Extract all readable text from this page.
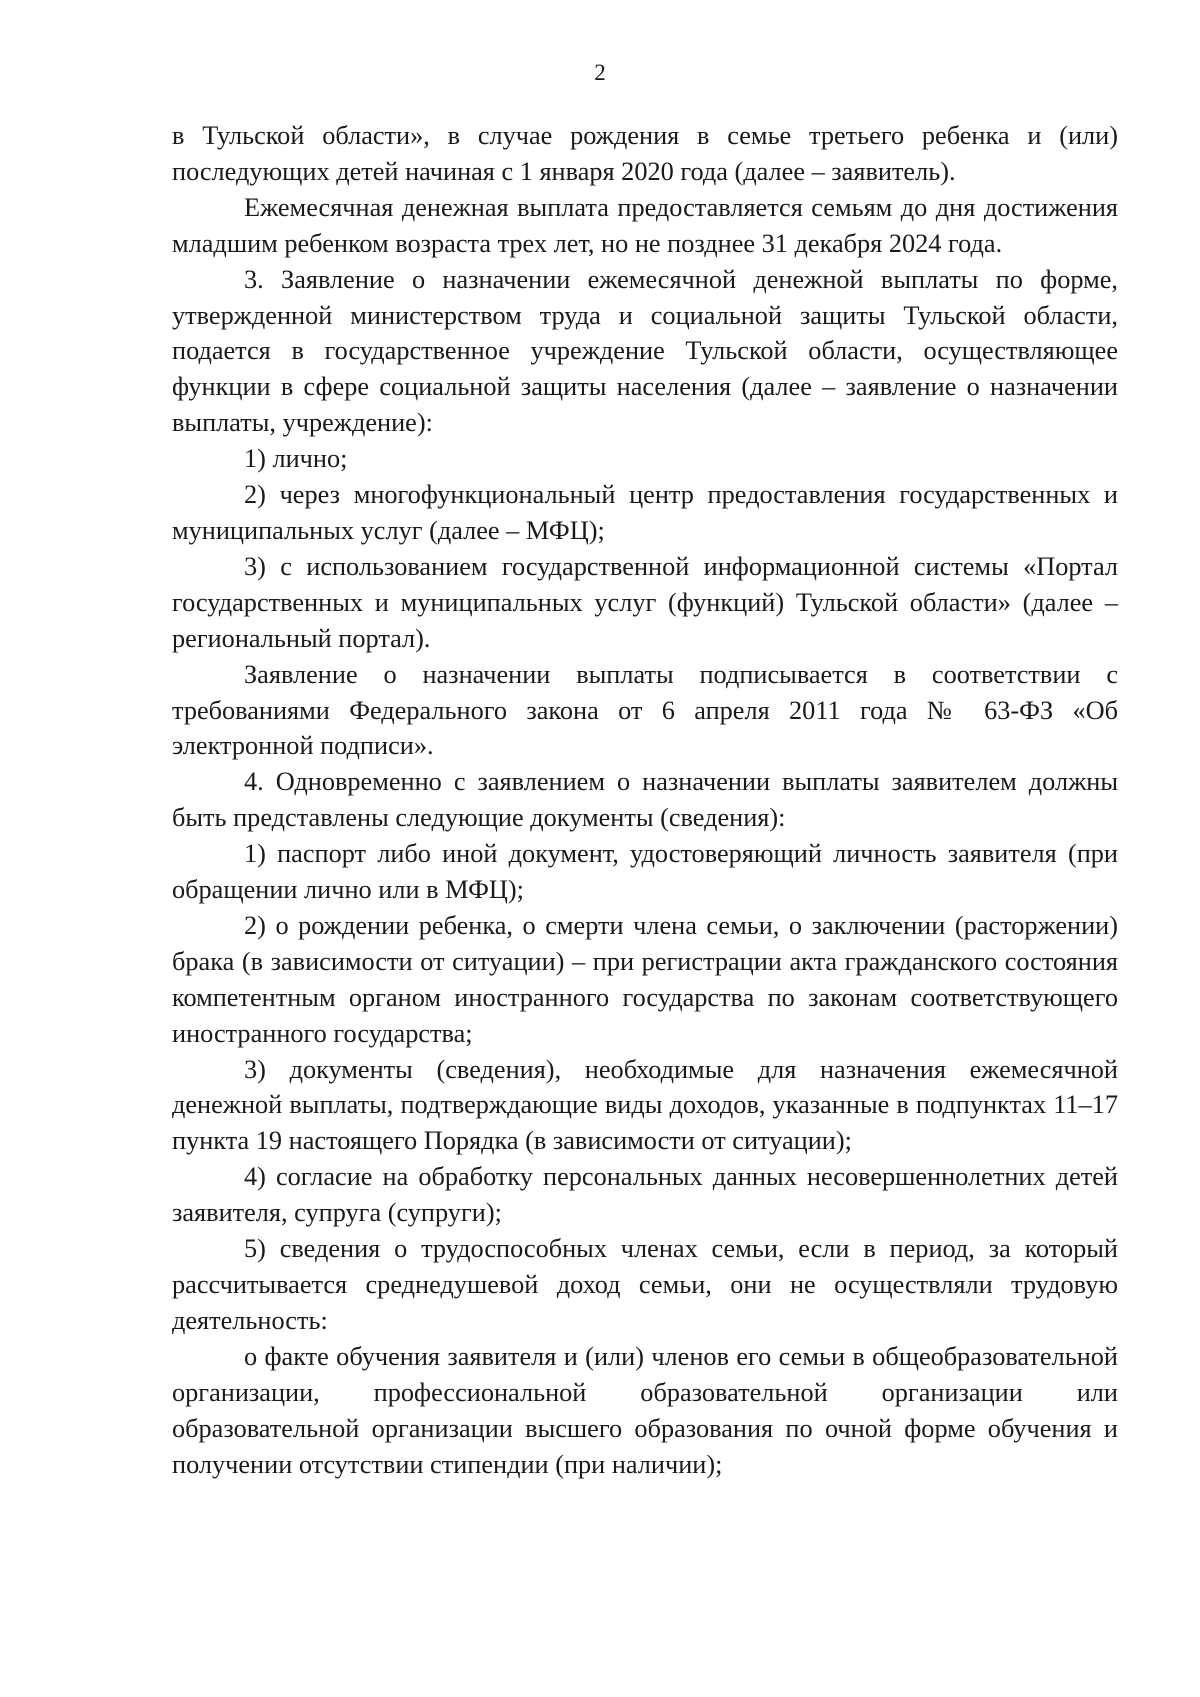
2

в Тульской области», в случае рождения в семье третьего ребенка и (или) последующих детей начиная с 1 января 2020 года (далее – заявитель).

Ежемесячная денежная выплата предоставляется семьям до дня достижения младшим ребенком возраста трех лет, но не позднее 31 декабря 2024 года.

3. Заявление о назначении ежемесячной денежной выплаты по форме, утвержденной министерством труда и социальной защиты Тульской области, подается в государственное учреждение Тульской области, осуществляющее функции в сфере социальной защиты населения (далее – заявление о назначении выплаты, учреждение):

1) лично;

2) через многофункциональный центр предоставления государственных и муниципальных услуг (далее – МФЦ);

3) с использованием государственной информационной системы «Портал государственных и муниципальных услуг (функций) Тульской области» (далее – региональный портал).

Заявление о назначении выплаты подписывается в соответствии с требованиями Федерального закона от 6 апреля 2011 года № 63-ФЗ «Об электронной подписи».

4. Одновременно с заявлением о назначении выплаты заявителем должны быть представлены следующие документы (сведения):

1) паспорт либо иной документ, удостоверяющий личность заявителя (при обращении лично или в МФЦ);

2) о рождении ребенка, о смерти члена семьи, о заключении (расторжении) брака (в зависимости от ситуации) – при регистрации акта гражданского состояния компетентным органом иностранного государства по законам соответствующего иностранного государства;

3) документы (сведения), необходимые для назначения ежемесячной денежной выплаты, подтверждающие виды доходов, указанные в подпунктах 11–17 пункта 19 настоящего Порядка (в зависимости от ситуации);

4) согласие на обработку персональных данных несовершеннолетних детей заявителя, супруга (супруги);

5) сведения о трудоспособных членах семьи, если в период, за который рассчитывается среднедушевой доход семьи, они не осуществляли трудовую деятельность:

о факте обучения заявителя и (или) членов его семьи в общеобразовательной организации, профессиональной образовательной организации или образовательной организации высшего образования по очной форме обучения и получении отсутствии стипендии (при наличии);
